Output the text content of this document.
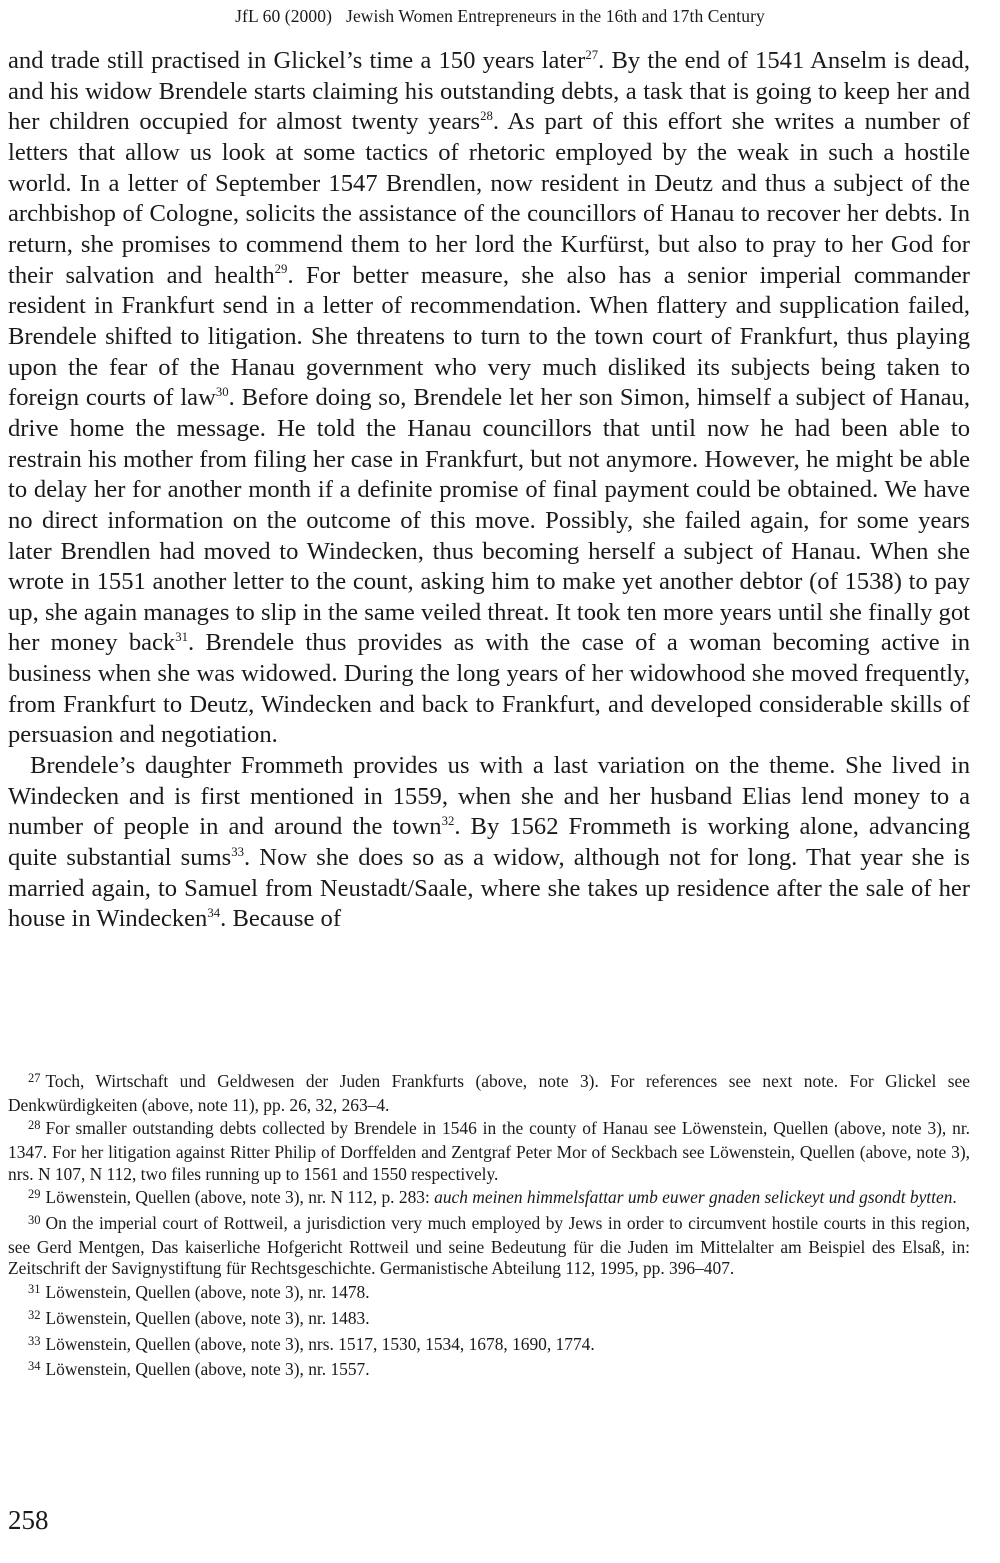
JfL 60 (2000) Jewish Women Entrepreneurs in the 16th and 17th Century

and trade still practised in Glickel’s time a 150 years later$^{27}$. By the end of 1541 Anselm is dead, and his widow Brendele starts claiming his outstanding debts, a task that is going to keep her and her children occupied for almost twenty years$^{28}$. As part of this effort she writes a number of letters that allow us look at some tactics of rhetoric employed by the weak in such a hostile world. In a letter of September 1547 Brendlen, now resident in Deutz and thus a subject of the archbishop of Cologne, solicits the assistance of the councillors of Hanau to recover her debts. In return, she promises to commend them to her lord the Kurfürst, but also to pray to her God for their salvation and health$^{29}$. For better measure, she also has a senior imperial commander resident in Frankfurt send in a letter of recommendation. When flattery and supplication failed, Brendele shifted to litigation. She threatens to turn to the town court of Frankfurt, thus playing upon the fear of the Hanau government who very much disliked its subjects being taken to foreign courts of law$^{30}$. Before doing so, Brendele let her son Simon, himself a subject of Hanau, drive home the message. He told the Hanau councillors that until now he had been able to restrain his mother from filing her case in Frankfurt, but not anymore. However, he might be able to delay her for another month if a definite promise of final payment could be obtained. We have no direct information on the outcome of this move. Possibly, she failed again, for some years later Brendlen had moved to Windecken, thus becoming herself a subject of Hanau. When she wrote in 1551 another letter to the count, asking him to make yet another debtor (of 1538) to pay up, she again manages to slip in the same veiled threat. It took ten more years until she finally got her money back$^{31}$. Brendele thus provides as with the case of a woman becoming active in business when she was widowed. During the long years of her widowhood she moved frequently, from Frankfurt to Deutz, Windecken and back to Frankfurt, and developed considerable skills of persuasion and negotiation.

Brendele’s daughter Frommeth provides us with a last variation on the theme. She lived in Windecken and is first mentioned in 1559, when she and her husband Elias lend money to a number of people in and around the town$^{32}$. By 1562 Frommeth is working alone, advancing quite substantial sums$^{33}$. Now she does so as a widow, although not for long. That year she is married again, to Samuel from Neustadt/Saale, where she takes up residence after the sale of her house in Windecken$^{34}$. Because of

$^{27}$ Toch, Wirtschaft und Geldwesen der Juden Frankfurts (above, note 3). For references see next note. For Glickel see Denkwürdigkeiten (above, note 11), pp. 26, 32, 263–4.

$^{28}$ For smaller outstanding debts collected by Brendele in 1546 in the county of Hanau see Löwenstein, Quellen (above, note 3), nr. 1347. For her litigation against Ritter Philip of Dorffelden and Zentgraf Peter Mor of Seckbach see Löwenstein, Quellen (above, note 3), nrs. N 107, N 112, two files running up to 1561 and 1550 respectively.

$^{29}$ Löwenstein, Quellen (above, note 3), nr. N 112, p. 283: auch meinen himmelsfattar umb euwer gnaden selickeyt und gsondt bytten.

$^{30}$ On the imperial court of Rottweil, a jurisdiction very much employed by Jews in order to circumvent hostile courts in this region, see Gerd Mentgen, Das kaiserliche Hofgericht Rottweil und seine Bedeutung für die Juden im Mittelalter am Beispiel des Elsaß, in: Zeitschrift der Savignystiftung für Rechtsgeschichte. Germanistische Abteilung 112, 1995, pp. 396–407.

$^{31}$ Löwenstein, Quellen (above, note 3), nr. 1478.

$^{32}$ Löwenstein, Quellen (above, note 3), nr. 1483.

$^{33}$ Löwenstein, Quellen (above, note 3), nrs. 1517, 1530, 1534, 1678, 1690, 1774.

$^{34}$ Löwenstein, Quellen (above, note 3), nr. 1557.

258
